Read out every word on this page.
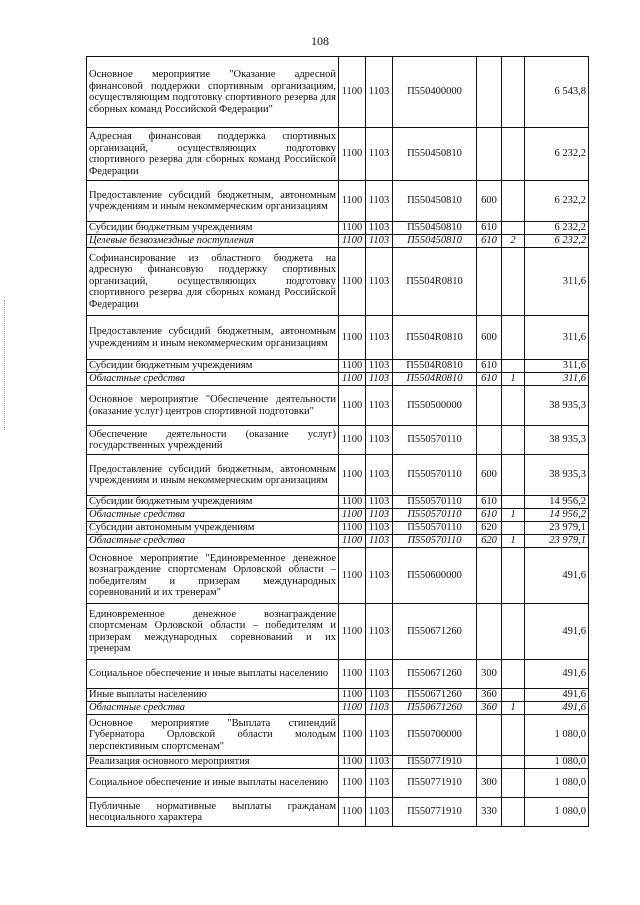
108
Основное мероприятие "Оказание адресной финансовой поддержки спортивным организациям, осуществляющим подготовку спортивного резерва для сборных команд Российской Федерации"	1100	1103	П550400000			6 543,8
Адресная финансовая поддержка спортивных организаций, осуществляющих подготовку спортивного резерва для сборных команд Российской Федерации	1100	1103	П550450810			6 232,2
Предоставление субсидий бюджетным, автономным учреждениям и иным некоммерческим организациям	1100	1103	П550450810	600		6 232,2
Субсидии бюджетным учреждениям	1100	1103	П550450810	610		6 232,2
Целевые безвозмездные поступления	1100	1103	П550450810	610	2	6 232,2
Софинансирование из областного бюджета на адресную финансовую поддержку спортивных организаций, осуществляющих подготовку спортивного резерва для сборных команд Российской Федерации	1100	1103	П5504R0810			311,6
Предоставление субсидий бюджетным, автономным учреждениям и иным некоммерческим организациям	1100	1103	П5504R0810	600		311,6
Субсидии бюджетным учреждениям	1100	1103	П5504R0810	610		311,6
Областные средства	1100	1103	П5504R0810	610	1	311,6
Основное мероприятие "Обеспечение деятельности (оказание услуг) центров спортивной подготовки"	1100	1103	П550500000			38 935,3
Обеспечение деятельности (оказание услуг) государственных учреждений	1100	1103	П550570110			38 935,3
Предоставление субсидий бюджетным, автономным учреждениям и иным некоммерческим организациям	1100	1103	П550570110	600		38 935,3
Субсидии бюджетным учреждениям	1100	1103	П550570110	610		14 956,2
Областные средства	1100	1103	П550570110	610	1	14 956,2
Субсидии автономным учреждениям	1100	1103	П550570110	620		23 979,1
Областные средства	1100	1103	П550570110	620	1	23 979,1
Основное мероприятие "Единовременное денежное вознаграждение спортсменам Орловской области – победителям и призерам международных соревнований и их тренерам"	1100	1103	П550600000			491,6
Единовременное денежное вознаграждение спортсменам Орловской области – победителям и призерам международных соревнований и их тренерам	1100	1103	П550671260			491,6
Социальное обеспечение и иные выплаты населению	1100	1103	П550671260	300		491,6
Иные выплаты населению	1100	1103	П550671260	360		491,6
Областные средства	1100	1103	П550671260	360	1	491,6
Основное мероприятие "Выплата стипендий Губернатора Орловской области молодым перспективным спортсменам"	1100	1103	П550700000			1 080,0
Реализация основного мероприятия	1100	1103	П550771910			1 080,0
Социальное обеспечение и иные выплаты населению	1100	1103	П550771910	300		1 080,0
Публичные нормативные выплаты гражданам несоциального характера	1100	1103	П550771910	330		1 080,0
